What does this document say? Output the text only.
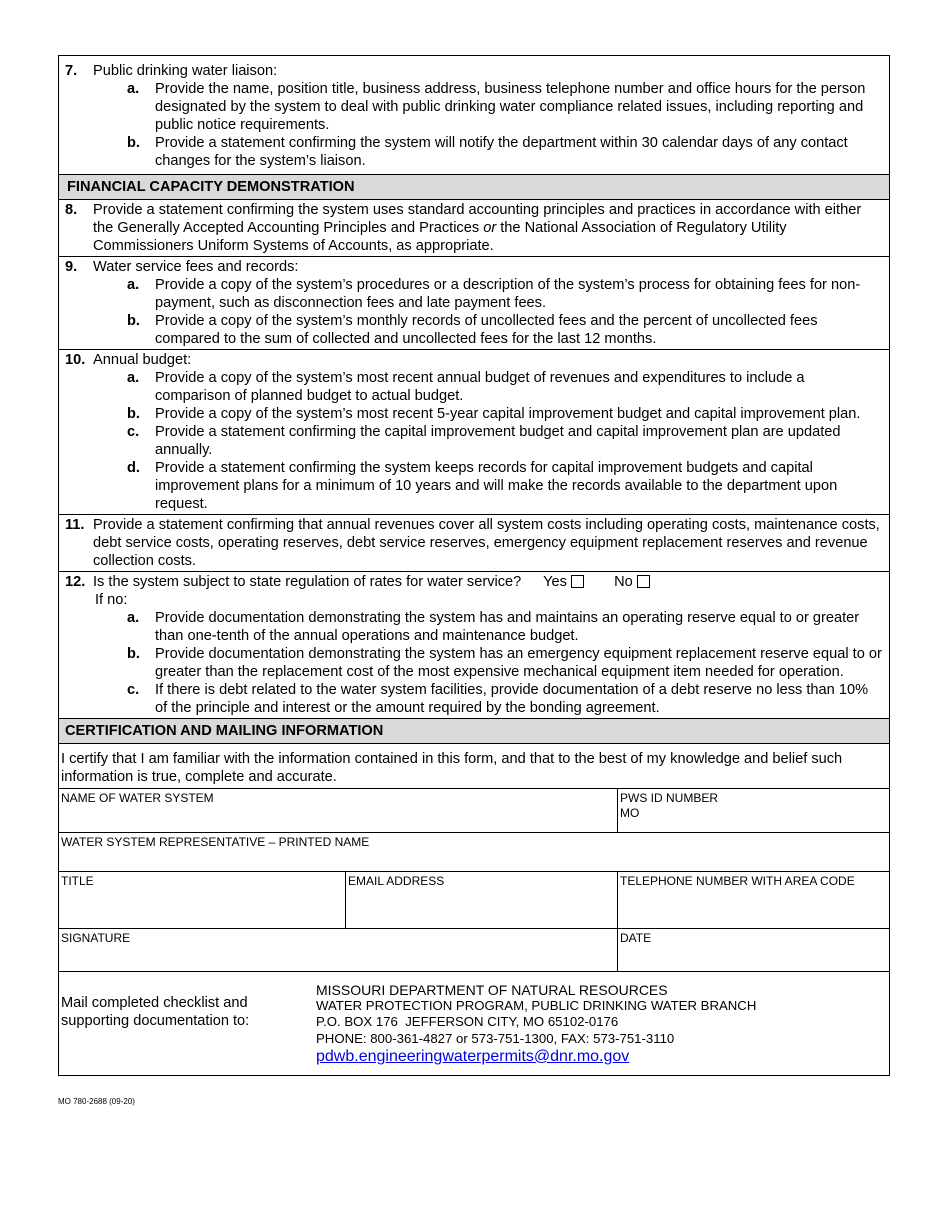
7.	Public drinking water liaison:
a.	Provide the name, position title, business address, business telephone number and office hours for the person designated by the system to deal with public drinking water compliance related issues, including reporting and public notice requirements.
b.	Provide a statement confirming the system will notify the department within 30 calendar days of any contact changes for the system’s liaison.
FINANCIAL CAPACITY DEMONSTRATION
8.	Provide a statement confirming the system uses standard accounting principles and practices in accordance with either the Generally Accepted Accounting Principles and Practices or the National Association of Regulatory Utility Commissioners Uniform Systems of Accounts, as appropriate.
9.	Water service fees and records:
a.	Provide a copy of the system’s procedures or a description of the system’s process for obtaining fees for non-payment, such as disconnection fees and late payment fees.
b.	Provide a copy of the system’s monthly records of uncollected fees and the percent of uncollected fees compared to the sum of collected and uncollected fees for the last 12 months.
10. Annual budget:
a.	Provide a copy of the system’s most recent annual budget of revenues and expenditures to include a comparison of planned budget to actual budget.
b.	Provide a copy of the system’s most recent 5-year capital improvement budget and capital improvement plan.
c.	Provide a statement confirming the capital improvement budget and capital improvement plan are updated annually.
d.	Provide a statement confirming the system keeps records for capital improvement budgets and capital improvement plans for a minimum of 10 years and will make the records available to the department upon request.
11. Provide a statement confirming that annual revenues cover all system costs including operating costs, maintenance costs, debt service costs, operating reserves, debt service reserves, emergency equipment replacement reserves and revenue collection costs.
12. Is the system subject to state regulation of rates for water service? Yes	No
If no:
a.	Provide documentation demonstrating the system has and maintains an operating reserve equal to or greater than one-tenth of the annual operations and maintenance budget.
b.	Provide documentation demonstrating the system has an emergency equipment replacement reserve equal to or greater than the replacement cost of the most expensive mechanical equipment item needed for operation.
c.	If there is debt related to the water system facilities, provide documentation of a debt reserve no less than 10% of the principle and interest or the amount required by the bonding agreement.
CERTIFICATION AND MAILING INFORMATION
I certify that I am familiar with the information contained in this form, and that to the best of my knowledge and belief such information is true, complete and accurate.
NAME OF WATER SYSTEM	PWS ID NUMBER
MO
WATER SYSTEM REPRESENTATIVE – PRINTED NAME
TITLE	EMAIL ADDRESS	TELEPHONE NUMBER WITH AREA CODE
SIGNATURE	DATE
Mail completed checklist and
supporting documentation to:
MISSOURI DEPARTMENT OF NATURAL RESOURCES
WATER PROTECTION PROGRAM, PUBLIC DRINKING WATER BRANCH
P.O. BOX 176  JEFFERSON CITY, MO 65102-0176
PHONE: 800-361-4827 or 573-751-1300, FAX: 573-751-3110
pdwb.engineeringwaterpermits@dnr.mo.gov
MO 780-2688 (09-20)
